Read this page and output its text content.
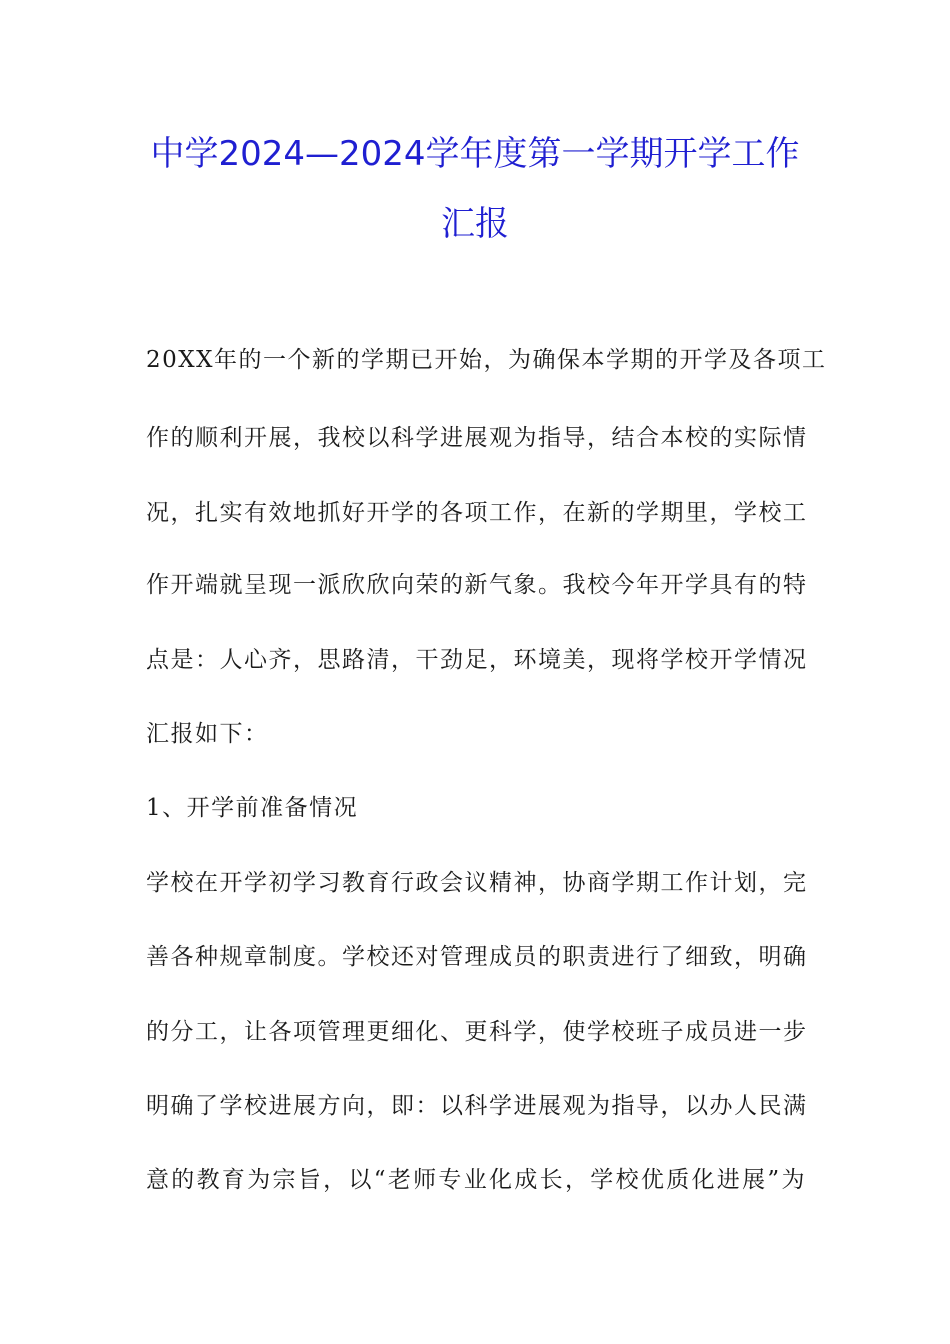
中学2024—2024学年度第一学期开学工作
汇报
20XX年的一个新的学期已开始，为确保本学期的开学及各项工
作的顺利开展，我校以科学进展观为指导，结合本校的实际情
况，扎实有效地抓好开学的各项工作，在新的学期里，学校工
作开端就呈现一派欣欣向荣的新气象。我校今年开学具有的特
点是：人心齐，思路清，干劲足，环境美，现将学校开学情况
汇报如下：
1、开学前准备情况
学校在开学初学习教育行政会议精神，协商学期工作计划，完
善各种规章制度。学校还对管理成员的职责进行了细致，明确
的分工，让各项管理更细化、更科学，使学校班子成员进一步
明确了学校进展方向，即：以科学进展观为指导，以办人民满
意的教育为宗旨，以“老师专业化成长，学校优质化进展”为
